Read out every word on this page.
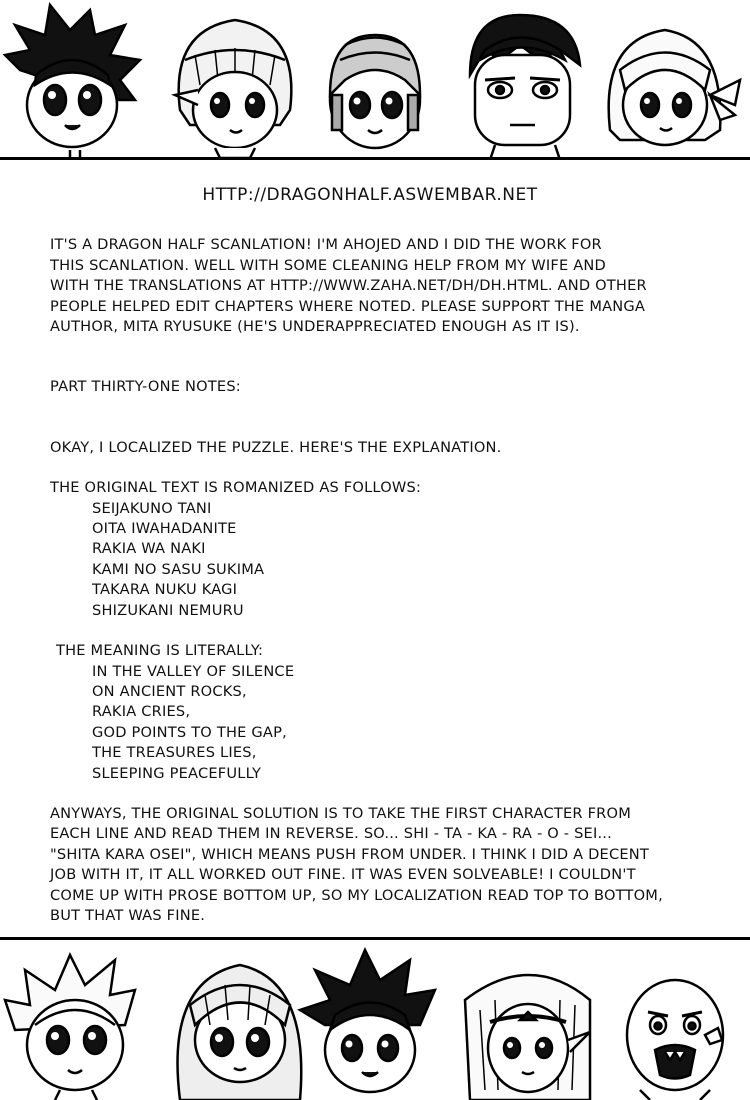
HTTP://DRAGONHALF.ASWEMBAR.NET
IT'S A DRAGON HALF SCANLATION! I'M AHOJED AND I DID THE WORK FOR
THIS SCANLATION. WELL WITH SOME CLEANING HELP FROM MY WIFE AND
WITH THE TRANSLATIONS AT HTTP://WWW.ZAHA.NET/DH/DH.HTML. AND OTHER
PEOPLE HELPED EDIT CHAPTERS WHERE NOTED. PLEASE SUPPORT THE MANGA
AUTHOR, MITA RYUSUKE (HE'S UNDERAPPRECIATED ENOUGH AS IT IS).
PART THIRTY-ONE NOTES:
OKAY, I LOCALIZED THE PUZZLE. HERE'S THE EXPLANATION.
THE ORIGINAL TEXT IS ROMANIZED AS FOLLOWS:
SEIJAKUNO TANI
OITA IWAHADANITE
RAKIA WA NAKI
KAMI NO SASU SUKIMA
TAKARA NUKU KAGI
SHIZUKANI NEMURU
THE MEANING IS LITERALLY:
IN THE VALLEY OF SILENCE
ON ANCIENT ROCKS,
RAKIA CRIES,
GOD POINTS TO THE GAP,
THE TREASURES LIES,
SLEEPING PEACEFULLY
ANYWAYS, THE ORIGINAL SOLUTION IS TO TAKE THE FIRST CHARACTER FROM
EACH LINE AND READ THEM IN REVERSE. SO... SHI - TA - KA - RA - O - SEI...
"SHITA KARA OSEI", WHICH MEANS PUSH FROM UNDER. I THINK I DID A DECENT
JOB WITH IT, IT ALL WORKED OUT FINE. IT WAS EVEN SOLVEABLE! I COULDN'T
COME UP WITH PROSE BOTTOM UP, SO MY LOCALIZATION READ TOP TO BOTTOM,
BUT THAT WAS FINE.
